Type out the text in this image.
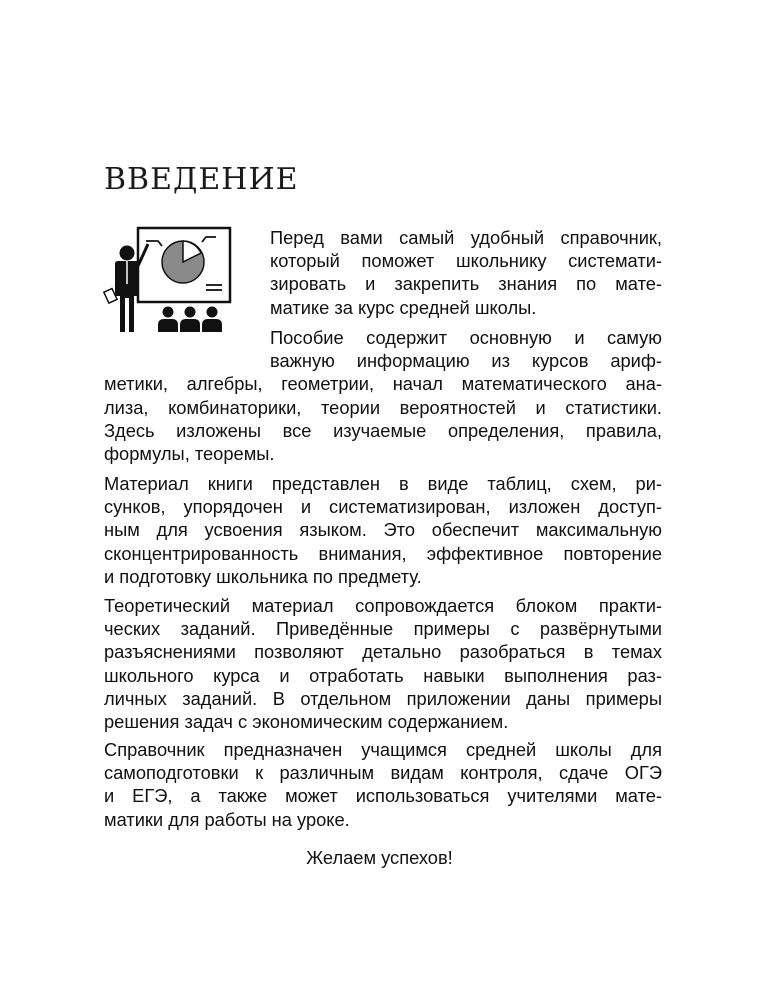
ВВЕДЕНИЕ
Перед вами самый удобный справочник,
который поможет школьнику системати-
зировать и закрепить знания по мате-
матике за курс средней школы.
Пособие содержит основную и самую
важную информацию из курсов ариф-
метики, алгебры, геометрии, начал математического ана-
лиза, комбинаторики, теории вероятностей и статистики.
Здесь изложены все изучаемые определения, правила,
формулы, теоремы.
Материал книги представлен в виде таблиц, схем, ри-
сунков, упорядочен и систематизирован, изложен доступ-
ным для усвоения языком. Это обеспечит максимальную
сконцентрированность внимания, эффективное повторение
и подготовку школьника по предмету.
Теоретический материал сопровождается блоком практи-
ческих заданий. Приведённые примеры с развёрнутыми
разъяснениями позволяют детально разобраться в темах
школьного курса и отработать навыки выполнения раз-
личных заданий. В отдельном приложении даны примеры
решения задач с экономическим содержанием.
Справочник предназначен учащимся средней школы для
самоподготовки к различным видам контроля, сдаче ОГЭ
и ЕГЭ, а также может использоваться учителями мате-
матики для работы на уроке.

Желаем успехов!
